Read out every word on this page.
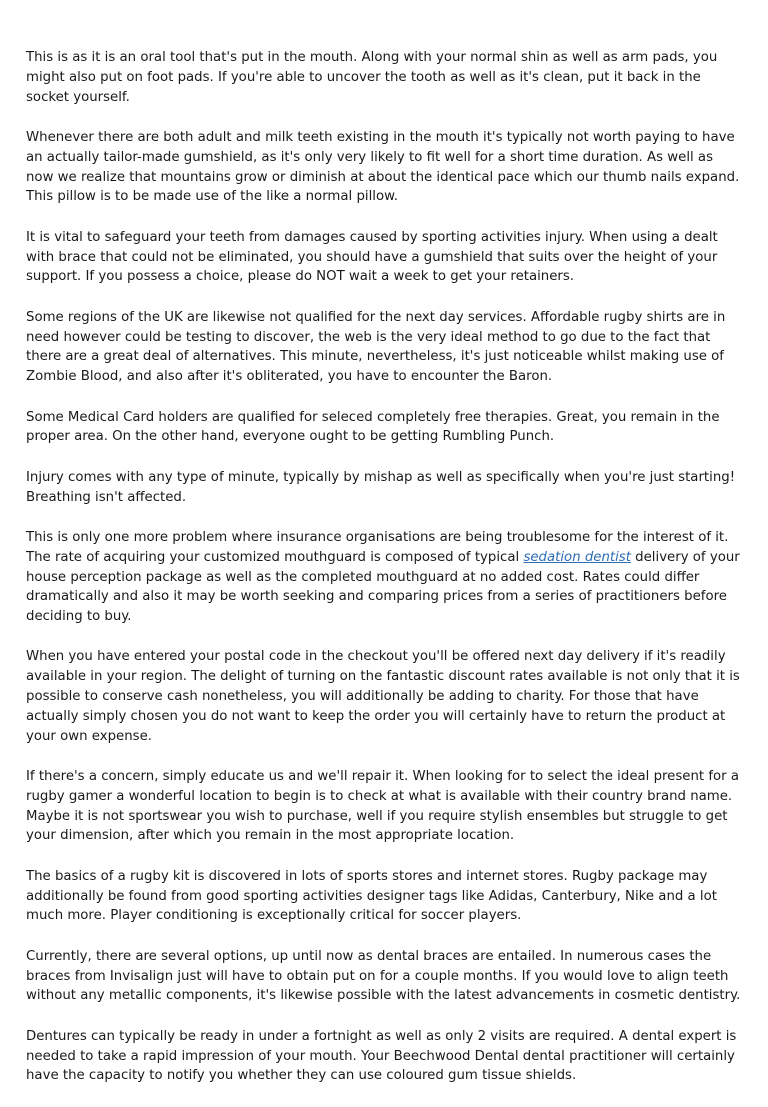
This is as it is an oral tool that's put in the mouth. Along with your normal shin as well as arm pads, you might also put on foot pads. If you're able to uncover the tooth as well as it's clean, put it back in the socket yourself.

Whenever there are both adult and milk teeth existing in the mouth it's typically not worth paying to have an actually tailor-made gumshield, as it's only very likely to fit well for a short time duration. As well as now we realize that mountains grow or diminish at about the identical pace which our thumb nails expand. This pillow is to be made use of the like a normal pillow.

It is vital to safeguard your teeth from damages caused by sporting activities injury. When using a dealt with brace that could not be eliminated, you should have a gumshield that suits over the height of your support. If you possess a choice, please do NOT wait a week to get your retainers.

Some regions of the UK are likewise not qualified for the next day services. Affordable rugby shirts are in need however could be testing to discover, the web is the very ideal method to go due to the fact that there are a great deal of alternatives. This minute, nevertheless, it's just noticeable whilst making use of Zombie Blood, and also after it's obliterated, you have to encounter the Baron.

Some Medical Card holders are qualified for seleced completely free therapies. Great, you remain in the proper area. On the other hand, everyone ought to be getting Rumbling Punch.

Injury comes with any type of minute, typically by mishap as well as specifically when you're just starting! Breathing isn't affected.

This is only one more problem where insurance organisations are being troublesome for the interest of it. The rate of acquiring your customized mouthguard is composed of typical sedation dentist delivery of your house perception package as well as the completed mouthguard at no added cost. Rates could differ dramatically and also it may be worth seeking and comparing prices from a series of practitioners before deciding to buy.

When you have entered your postal code in the checkout you'll be offered next day delivery if it's readily available in your region. The delight of turning on the fantastic discount rates available is not only that it is possible to conserve cash nonetheless, you will additionally be adding to charity. For those that have actually simply chosen you do not want to keep the order you will certainly have to return the product at your own expense.

If there's a concern, simply educate us and we'll repair it. When looking for to select the ideal present for a rugby gamer a wonderful location to begin is to check at what is available with their country brand name. Maybe it is not sportswear you wish to purchase, well if you require stylish ensembles but struggle to get your dimension, after which you remain in the most appropriate location.

The basics of a rugby kit is discovered in lots of sports stores and internet stores. Rugby package may additionally be found from good sporting activities designer tags like Adidas, Canterbury, Nike and a lot much more. Player conditioning is exceptionally critical for soccer players.

Currently, there are several options, up until now as dental braces are entailed. In numerous cases the braces from Invisalign just will have to obtain put on for a couple months. If you would love to align teeth without any metallic components, it's likewise possible with the latest advancements in cosmetic dentistry.

Dentures can typically be ready in under a fortnight as well as only 2 visits are required. A dental expert is needed to take a rapid impression of your mouth. Your Beechwood Dental dental practitioner will certainly have the capacity to notify you whether they can use coloured gum tissue shields.
